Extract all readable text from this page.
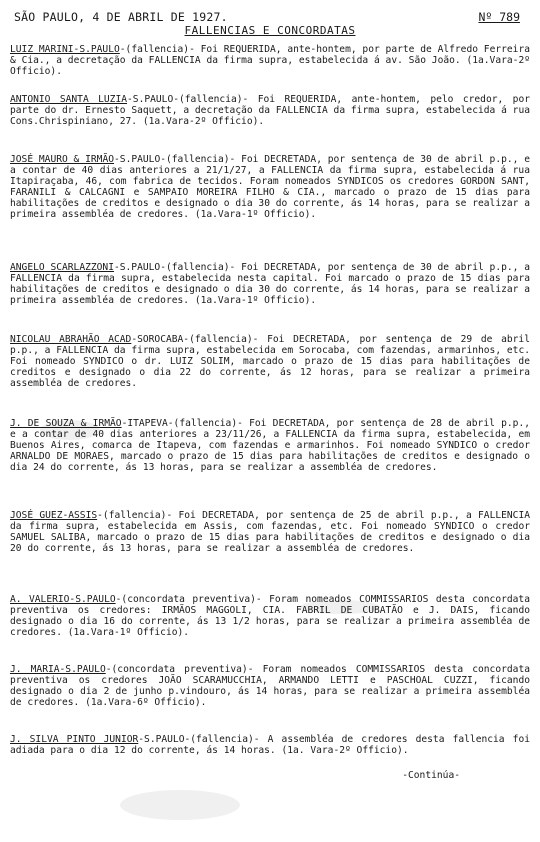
SÃO PAULO, 4 DE ABRIL DE 1927.	Nº 789
FALLENCIAS E CONCORDATAS
LUIZ MARINI-S.PAULO-(fallencia)- Foi REQUERIDA, ante-hontem, por parte de Alfredo Ferreira & Cia., a decretação da FALLENCIA da firma supra, estabelecida á av. São João. (1a.Vara-2º Officio).
ANTONIO SANTA LUZIA-S.PAULO-(fallencia)- Foi REQUERIDA, ante-hontem, pelo credor, por parte do dr. Ernesto Saquett, a decretação da FALLENCIA da firma supra, estabelecida á rua Cons.Chrispiniano, 27. (1a.Vara-2º Officio).
JOSÉ MAURO & IRMÃO-S.PAULO-(fallencia)- Foi DECRETADA, por sentença de 30 de abril p.p., e a contar de 40 dias anteriores a 21/1/27, a FALLENCIA da firma supra, estabelecida á rua Itapiraçaba, 46, com fabrica de tecidos. Foram nomeados SYNDICOS os credores GORDON SANT, FARANILI & CALCAGNI e SAMPAIO MOREIRA FILHO & CIA., marcado o prazo de 15 dias para habilitações de creditos e designado o dia 30 do corrente, ás 14 horas, para se realizar a primeira assembléa de credores. (1a.Vara-1º Officio).
ANGELO SCARLAZZONI-S.PAULO-(fallencia)- Foi DECRETADA, por sentença de 30 de abril p.p., a FALLENCIA da firma supra, estabelecida nesta capital. Foi marcado o prazo de 15 dias para habilitações de creditos e designado o dia 30 do corrente, ás 14 horas, para se realizar a primeira assembléa de credores. (1a.Vara-1º Officio).
NICOLAU ABRAHÃO ACAD-SOROCABA-(fallencia)- Foi DECRETADA, por sentença de 29 de abril p.p., a FALLENCIA da firma supra, estabelecida em Sorocaba, com fazendas, armarinhos, etc. Foi nomeado SYNDICO o dr. LUIZ SOLIM, marcado o prazo de 15 dias para habilitações de creditos e designado o dia 22 do corrente, ás 12 horas, para se realizar a primeira assembléa de credores.
J. DE SOUZA & IRMÃO-ITAPEVA-(fallencia)- Foi DECRETADA, por sentença de 28 de abril p.p., e a contar de 40 dias anteriores a 23/11/26, a FALLENCIA da firma supra, estabelecida, em Buenos Aires, comarca de Itapeva, com fazendas e armarinhos. Foi nomeado SYNDICO o credor ARNALDO DE MORAES, marcado o prazo de 15 dias para habilitações de creditos e designado o dia 24 do corrente, ás 13 horas, para se realizar a assembléa de credores.
JOSÉ GUEZ-ASSIS-(fallencia)- Foi DECRETADA, por sentença de 25 de abril p.p., a FALLENCIA da firma supra, estabelecida em Assis, com fazendas, etc. Foi nomeado SYNDICO o credor SAMUEL SALIBA, marcado o prazo de 15 dias para habilitações de creditos e designado o dia 20 do corrente, ás 13 horas, para se realizar a assembléa de credores.
A. VALERIO-S.PAULO-(concordata preventiva)- Foram nomeados COMMISSARIOS desta concordata preventiva os credores: IRMÃOS MAGGOLI, CIA. FABRIL DE CUBATÃO e J. DAIS, ficando designado o dia 16 do corrente, ás 13 1/2 horas, para se realizar a primeira assembléa de credores. (1a.Vara-1º Officio).
J. MARIA-S.PAULO-(concordata preventiva)- Foram nomeados COMMISSARIOS desta concordata preventiva os credores JOÃO SCARAMUCCHIA, ARMANDO LETTI e PASCHOAL CUZZI, ficando designado o dia 2 de junho p.vindouro, ás 14 horas, para se realizar a primeira assembléa de credores. (1a.Vara-6º Officio).
J. SILVA PINTO JUNIOR-S.PAULO-(fallencia)- A assembléa de credores desta fallencia foi adiada para o dia 12 do corrente, ás 14 horas. (1a. Vara-2º Officio).
-Continúa-
